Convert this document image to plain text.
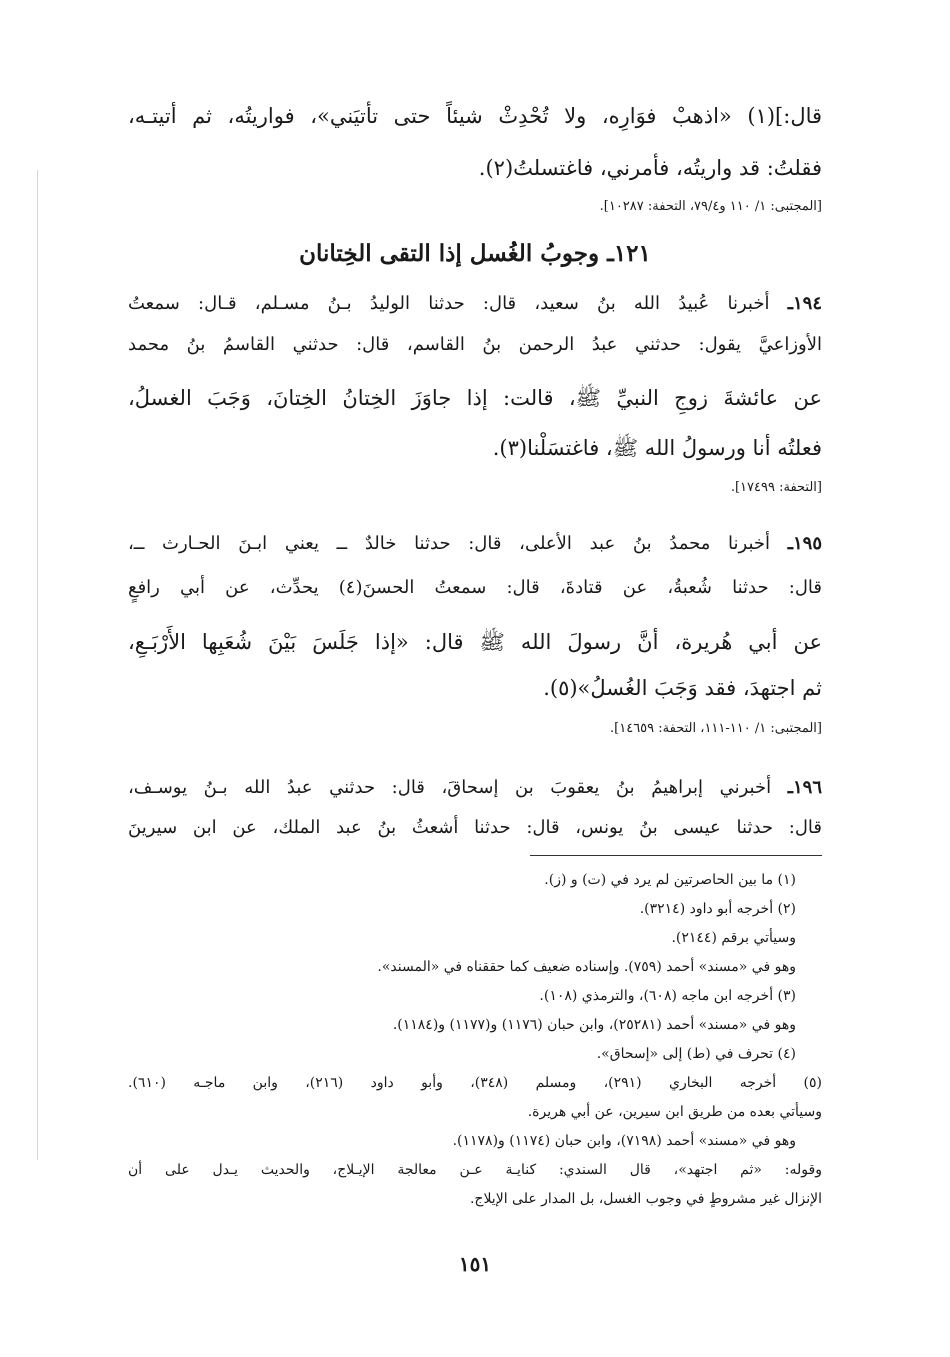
قال:]‏(١) «اذهبْ فوَارِه، ولا تُحْدِثْ شيئاً حتى تأتيَني»، فواريتُه، ثم أتيتـه،
فقلتُ: قد واريتُه، فأمرني، فاغتسلتُ(٢).
[المجتبى: ١/ ١١٠ و٧٩/٤، التحفة: ١٠٢٨٧].
١٢١ـ وجوبُ الغُسل إذا التقى الخِتانان
١٩٤ـ أخبرنا عُبيدُ الله بنُ سعيد، قال: حدثنا الوليدُ بـنُ مسـلم، قـال: سمعتُ
الأوزاعيَّ يقول: حدثني عبدُ الرحمن بنُ القاسم، قال: حدثني القاسمُ بنُ محمد
عن عائشةَ زوجِ النبيِّ ﷺ، قالت: إذا جاوَزَ الخِتانُ الخِتانَ، وَجَبَ الغسلُ،
فعلتُه أنا ورسولُ الله ﷺ، فاغتسَلْنا(٣).
[التحفة: ١٧٤٩٩].
١٩٥ـ أخبرنا محمدُ بنُ عبد الأعلى، قال: حدثنا خالدٌ ــ يعني ابـنَ الحـارث ــ،
قال: حدثنا شُعبةُ، عن قتادةَ، قال: سمعتُ الحسنَ(٤) يحدِّث، عن أبي رافعٍ
عن أبي هُريرة، أنَّ رسولَ الله ﷺ قال: «إذا جَلَسَ بَيْنَ شُعَبِها الأَرْبَـعِ،
ثم اجتهدَ، فقد وَجَبَ الغُسلُ»(٥).
[المجتبى: ١/ ١١٠-١١١، التحفة: ١٤٦٥٩].
١٩٦ـ أخبرني إبراهيمُ بنُ يعقوبَ بن إسحاقَ، قال: حدثني عبدُ الله بـنُ يوسـف،
قال: حدثنا عيسى بنُ يونس، قال: حدثنا أشعثُ بنُ عبد الملك، عن ابن سيرينَ
(١) ما بين الحاصرتين لم يرد في (ت) و (ز).
(٢) أخرجه أبو داود (٣٢١٤).
وسيأتي برقم (٢١٤٤).
وهو في «مسند» أحمد (٧٥٩). وإسناده ضعيف كما حققناه في «المسند».
(٣) أخرجه ابن ماجه (٦٠٨)، والترمذي (١٠٨).
وهو في «مسند» أحمد (٢٥٢٨١)، وابن حبان (١١٧٦) و(١١٧٧) و(١١٨٤).
(٤) تحرف في (ط) إلى «إسحاق».
(٥) أخرجه البخاري (٢٩١)، ومسلم (٣٤٨)، وأبو داود (٢١٦)، وابن ماجـه (٦١٠).
وسيأتي بعده من طريق ابن سيرين، عن أبي هريرة.
وهو في «مسند» أحمد (٧١٩٨)، وابن حبان (١١٧٤) و(١١٧٨).
وقوله: «ثم اجتهد»، قال السندي: كنايـة عـن معالجة الإيـلاج، والحديث يـدل على أن
الإنزال غير مشروطٍ في وجوب الغسل، بل المدار على الإيلاج.
١٥١
